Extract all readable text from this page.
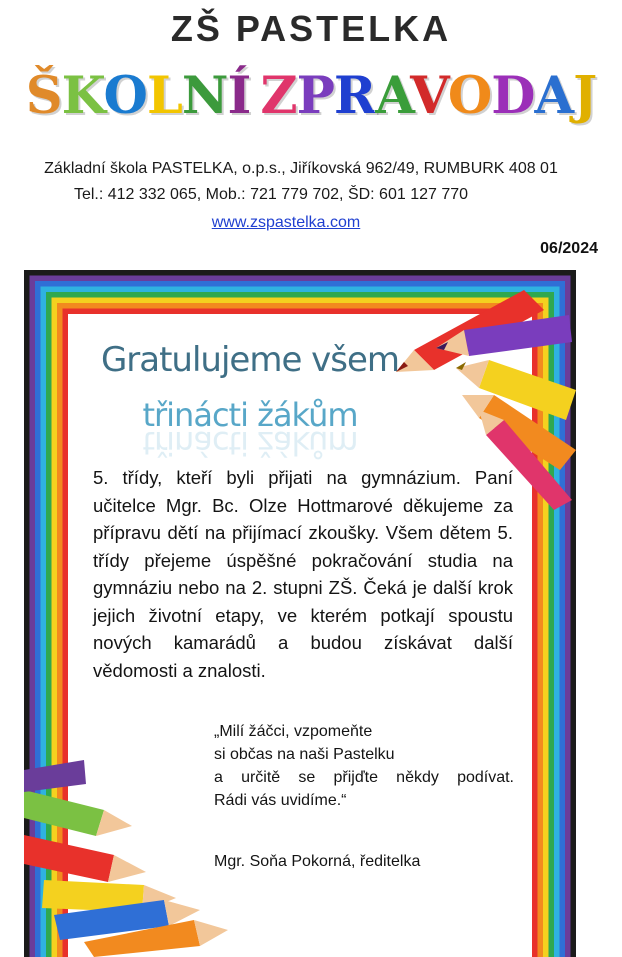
ZŠ PASTELKA
ŠKOLNÍ ZPRAVODAJ
Základní škola PASTELKA, o.p.s., Jiříkovská 962/49, RUMBURK 408 01
Tel.: 412 332 065, Mob.: 721 779 702, ŠD: 601 127 770
www.zspastelka.com
06/2024
Gratulujeme všem
třinácti žákům
třinácti žákům
5. třídy, kteří byli přijati na gymnázium. Paní učitelce Mgr. Bc. Olze Hottmarové děkujeme za přípravu dětí na přijímací zkoušky. Všem dětem 5. třídy přejeme úspěšné pokračování studia na gymnáziu nebo na 2. stupni ZŠ. Čeká je další krok jejich životní etapy, ve kterém potkají spoustu nových kamarádů a budou získávat další vědomosti a znalosti.
„Milí žáčci, vzpomeňte
si občas na naši Pastelku
a určitě se přijďte někdy podívat.
Rádi vás uvidíme.“
Mgr. Soňa Pokorná, ředitelka
